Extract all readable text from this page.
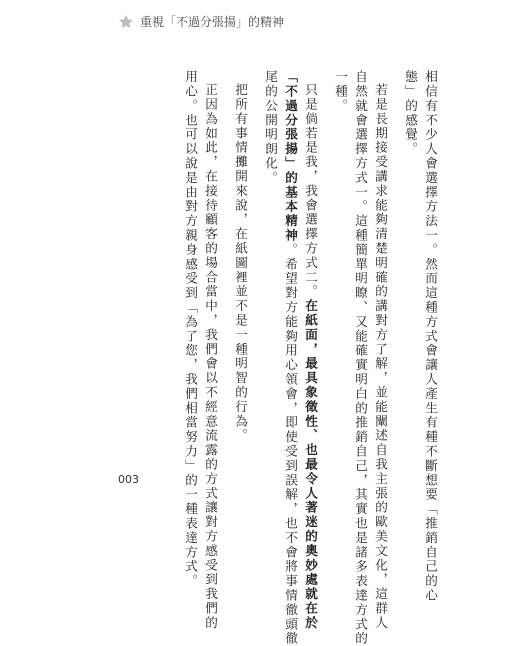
重視「不過分張揚」的精神
相信有不少人會選擇方法一。然而這種方式會讓人產生有種不斷想要「推銷自己的心
態」的感覺。
若是長期接受講求能夠清楚明確的講對方了解，並能闡述自我主張的歐美文化，這群人
自然就會選擇方式一。這種簡單明瞭、又能確實明白的推銷自己，其實也是諸多表達方式的
一種。
只是倘若是我，我會選擇方式二。在紙面，最具象徵性、也最令人著迷的奧妙處就在於
「不過分張揚」的基本精神。希望對方能夠用心領會，即使受到誤解，也不會將事情徹頭徹
尾的公開明朗化。
把所有事情攤開來說，在紙圖裡並不是一種明智的行為。
正因為如此，在接待顧客的場合當中，我們會以不經意流露的方式讓對方感受到我們的
用心。也可以說是由對方親身感受到「為了您，我們相當努力」的一種表達方式。
003
